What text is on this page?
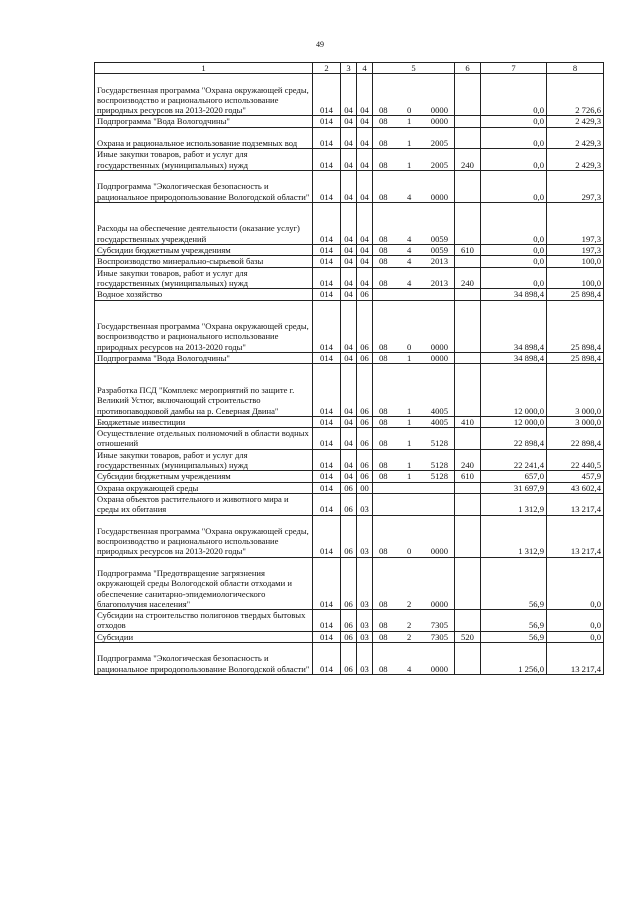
49
1	2	3	4	5	6	7	8
Государственная программа "Охрана окружающей среды, воспроизводство и рационального использование природных ресурсов на 2013-2020 годы"	014	04	04	08 0 0000		0,0	2 726,6
Подпрограмма "Вода Вологодчины"	014	04	04	08 1 0000		0,0	2 429,3
Охрана и рациональное использование подземных вод	014	04	04	08 1 2005		0,0	2 429,3
Иные закупки товаров, работ и услуг для государственных (муниципальных) нужд	014	04	04	08 1 2005	240	0,0	2 429,3
Подпрограмма "Экологическая безопасность и рациональное природопользование Вологодской области"	014	04	04	08 4 0000		0,0	297,3
Расходы на обеспечение деятельности (оказание услуг) государственных учреждений	014	04	04	08 4 0059		0,0	197,3
Субсидии бюджетным учреждениям	014	04	04	08 4 0059	610	0,0	197,3
Воспроизводство минерально-сырьевой базы	014	04	04	08 4 2013		0,0	100,0
Иные закупки товаров, работ и услуг для государственных (муниципальных) нужд	014	04	04	08 4 2013	240	0,0	100,0
Водное хозяйство	014	04	06			34 898,4	25 898,4
Государственная программа "Охрана окружающей среды, воспроизводство и рационального использование природных ресурсов на 2013-2020 годы"	014	04	06	08 0 0000		34 898,4	25 898,4
Подпрограмма "Вода Вологодчины"	014	04	06	08 1 0000		34 898,4	25 898,4
Разработка ПСД "Комплекс мероприятий по защите г. Великий Устюг, включающий строительство противопаводковой дамбы на р. Северная Двина"	014	04	06	08 1 4005		12 000,0	3 000,0
Бюджетные инвестиции	014	04	06	08 1 4005	410	12 000,0	3 000,0
Осуществление отдельных полномочий в области водных отношений	014	04	06	08 1 5128		22 898,4	22 898,4
Иные закупки товаров, работ и услуг для государственных (муниципальных) нужд	014	04	06	08 1 5128	240	22 241,4	22 440,5
Субсидии бюджетным учреждениям	014	04	06	08 1 5128	610	657,0	457,9
Охрана окружающей среды	014	06	00			31 697,9	43 602,4
Охрана объектов растительного и животного мира и среды их обитания	014	06	03			1 312,9	13 217,4
Государственная программа "Охрана окружающей среды, воспроизводство и рационального использование природных ресурсов на 2013-2020 годы"	014	06	03	08 0 0000		1 312,9	13 217,4
Подпрограмма "Предотвращение загрязнения окружающей среды Вологодской области отходами и обеспечение санитарно-эпидемиологического благополучия населения"	014	06	03	08 2 0000		56,9	0,0
Субсидии на строительство полигонов твердых бытовых отходов	014	06	03	08 2 7305		56,9	0,0
Субсидии	014	06	03	08 2 7305	520	56,9	0,0
Подпрограмма "Экологическая безопасность и рациональное природопользование Вологодской области"	014	06	03	08 4 0000		1 256,0	13 217,4
